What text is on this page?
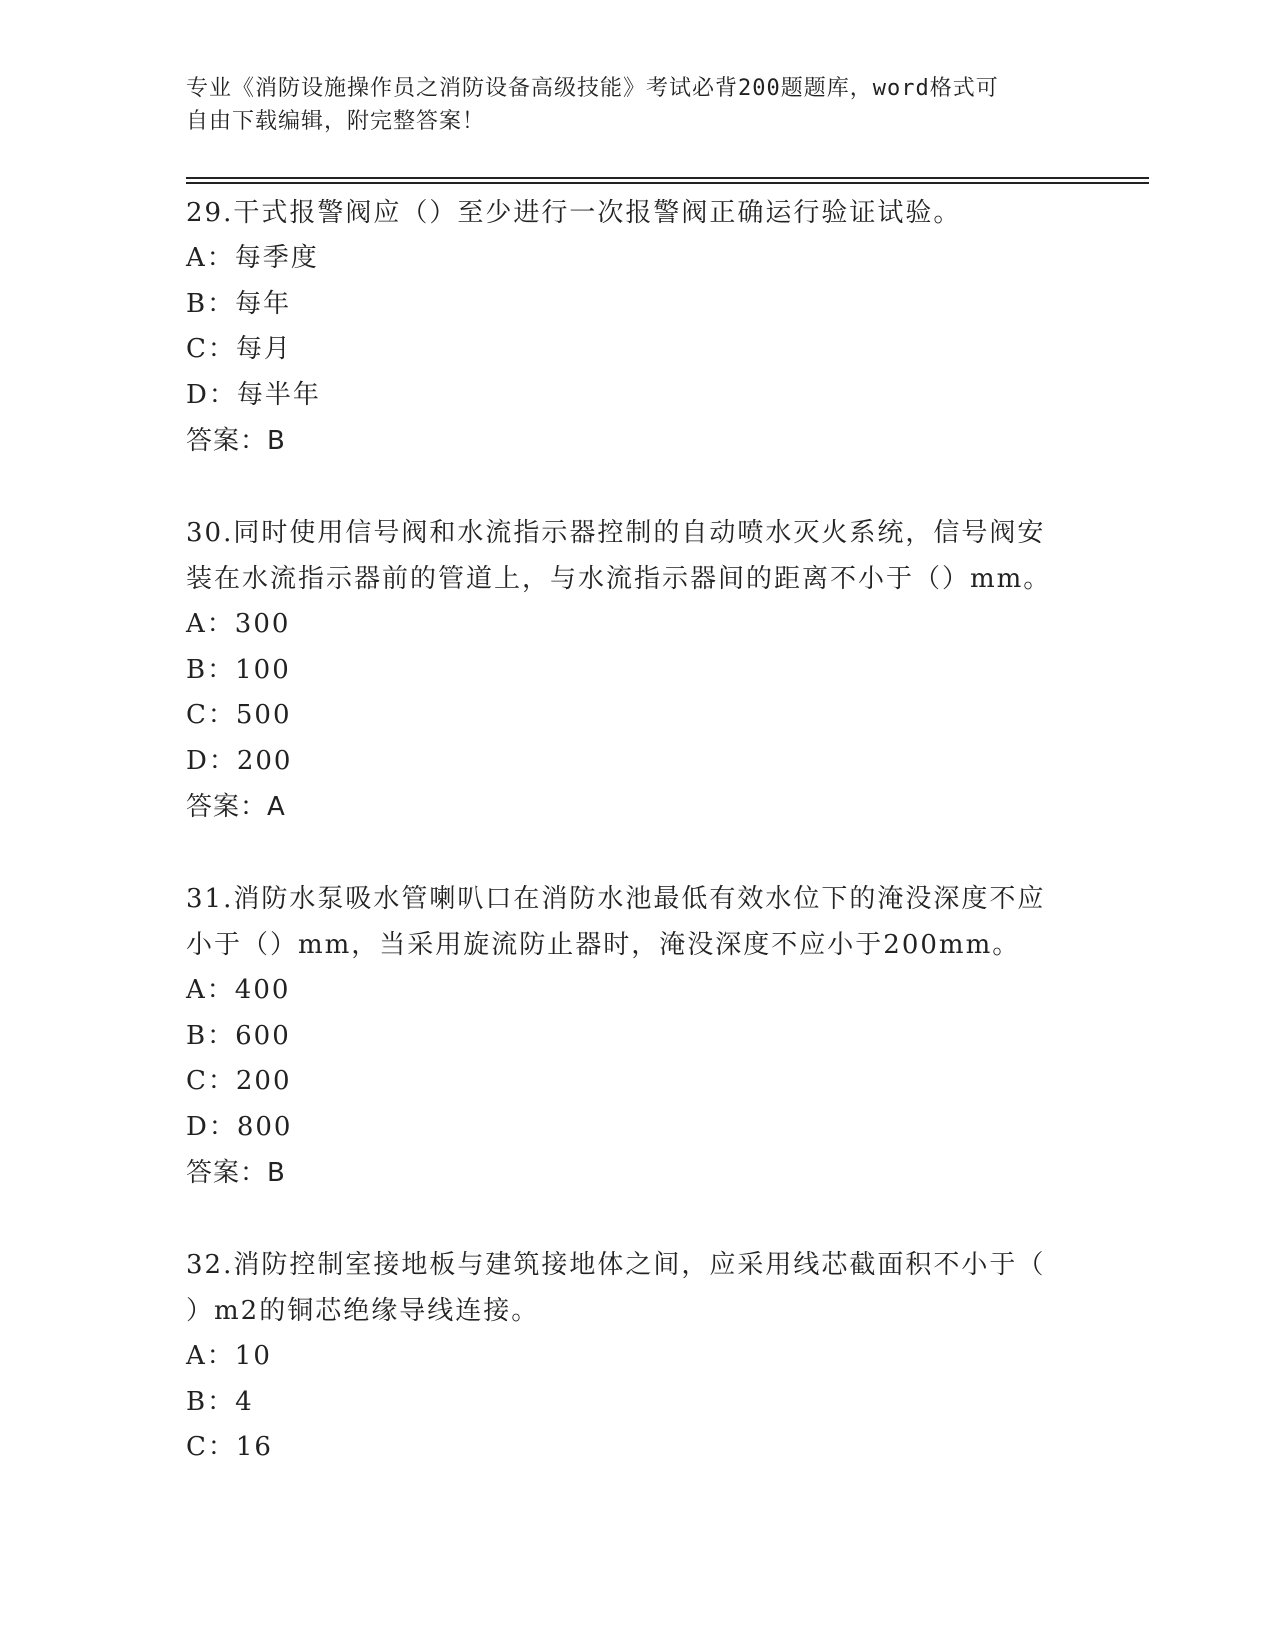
专业《消防设施操作员之消防设备高级技能》考试必背200题题库，word格式可
自由下载编辑，附完整答案！
29.干式报警阀应（）至少进行一次报警阀正确运行验证试验。
A：每季度
B：每年
C：每月
D：每半年
答案：B
30.同时使用信号阀和水流指示器控制的自动喷水灭火系统，信号阀安
装在水流指示器前的管道上，与水流指示器间的距离不小于（）mm。
A：300
B：100
C：500
D：200
答案：A
31.消防水泵吸水管喇叭口在消防水池最低有效水位下的淹没深度不应
小于（）mm，当采用旋流防止器时，淹没深度不应小于200mm。
A：400
B：600
C：200
D：800
答案：B
32.消防控制室接地板与建筑接地体之间，应采用线芯截面积不小于（
）m2的铜芯绝缘导线连接。
A：10
B：4
C：16
